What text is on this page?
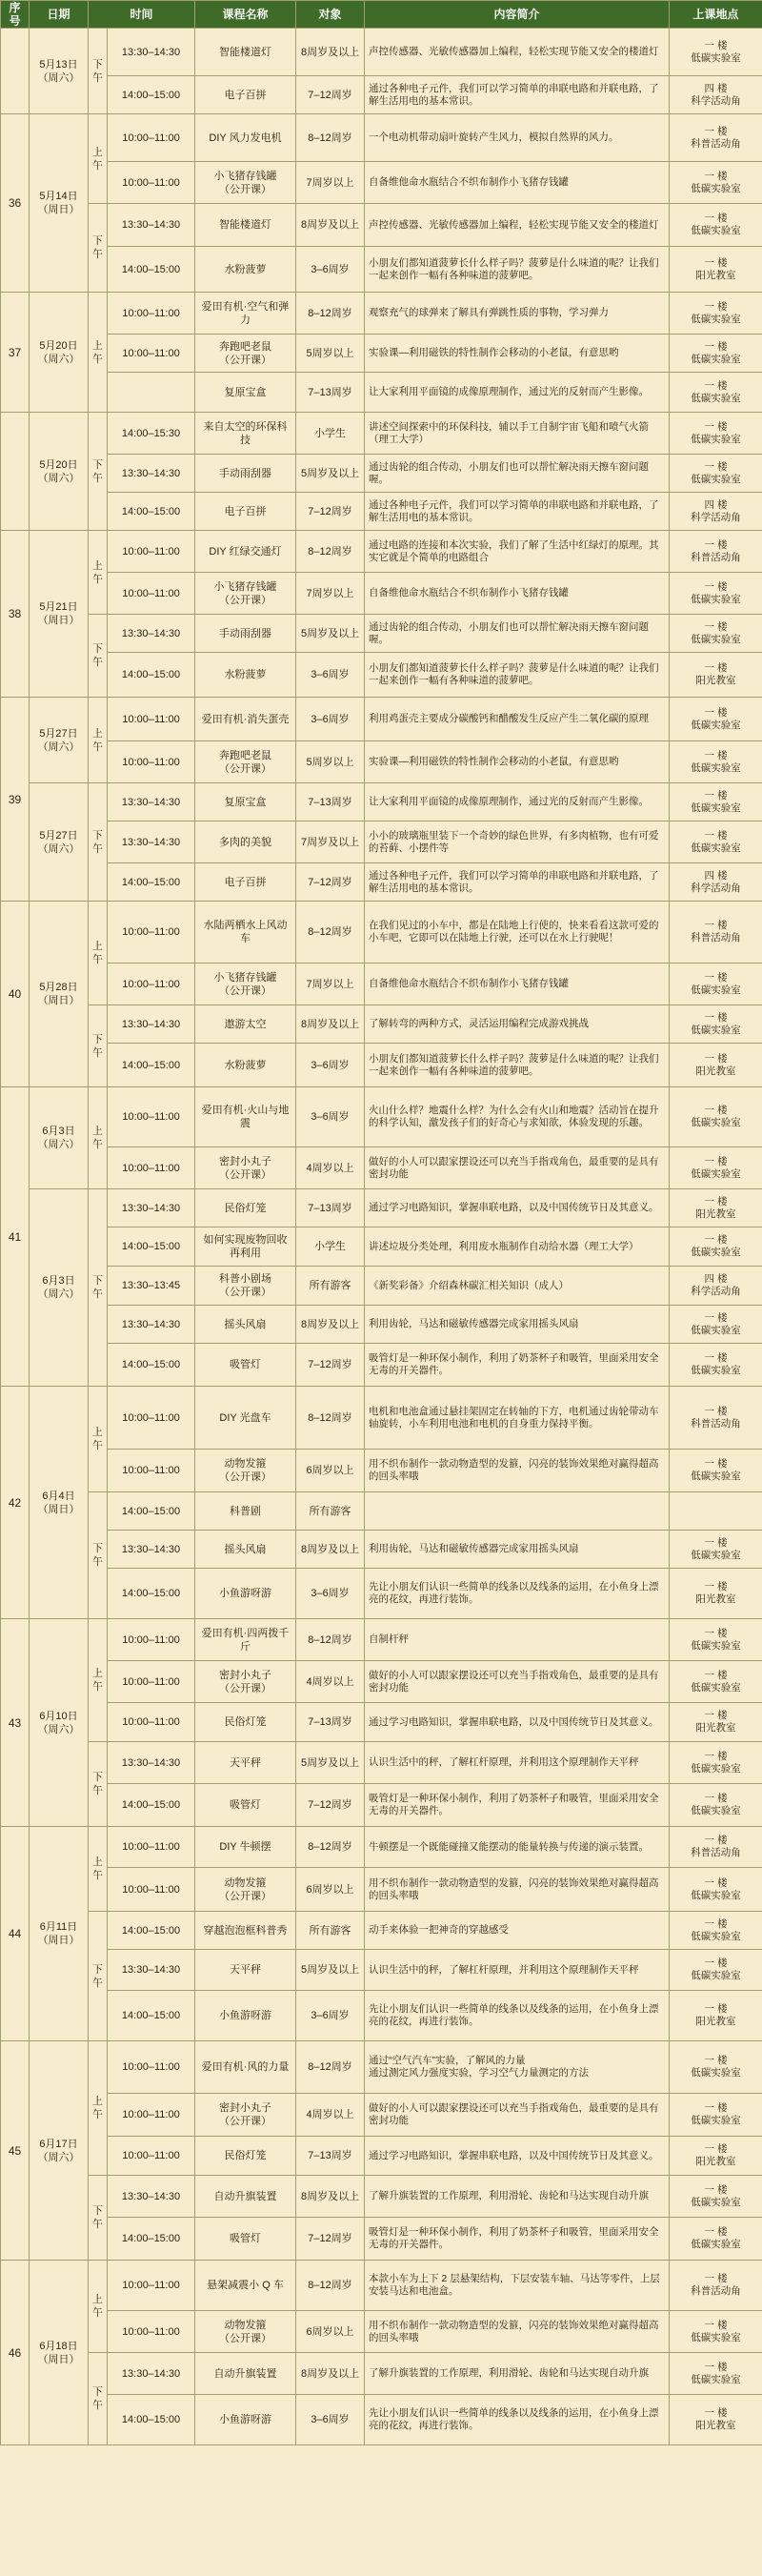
序号	日期	时间		课程名称	对象	内容简介	上课地点
	5月13日
（周六）	下午	13:30–14:30	智能楼道灯	8周岁及以上	声控传感器、光敏传感器加上编程，轻松实现节能又安全的楼道灯	一 楼
低碳实验室
			14:00–15:00	电子百拼	7–12周岁	通过各种电子元件，我们可以学习简单的串联电路和并联电路，了解生活用电的基本常识。	四 楼
科学活动角
36	5月14日
（周日）	上午	10:00–11:00	DIY 风力发电机	8–12周岁	一个电动机带动扇叶旋转产生风力，模拟自然界的风力。	一 楼
科普活动角
			10:00–11:00	小飞猪存钱罐
（公开课）	7周岁以上	自备维他命水瓶结合不织布制作小飞猪存钱罐	一 楼
低碳实验室
		下午	13:30–14:30	智能楼道灯	8周岁及以上	声控传感器、光敏传感器加上编程，轻松实现节能又安全的楼道灯	一 楼
低碳实验室
			14:00–15:00	水粉菠萝	3–6周岁	小朋友们都知道菠萝长什么样子吗？菠萝是什么味道的呢？让我们一起来创作一幅有各种味道的菠萝吧。	一 楼
阳光教室
37	5月20日
（周六）	上午	10:00–11:00	爱田有机·空气和弹力	8–12周岁	观察充气的球弹来了解具有弹跳性质的事物，学习弹力	一 楼
低碳实验室
			10:00–11:00	奔跑吧老鼠
（公开课）	5周岁以上	实验课—利用磁铁的特性制作会移动的小老鼠，有意思哟	一 楼
低碳实验室
				复原宝盒	7–13周岁	让大家利用平面镜的成像原理制作，通过光的反射而产生影像。	一 楼
低碳实验室
	5月20日
（周六）	下午	14:00–15:30	来自太空的环保科技	小学生	讲述空间探索中的环保科技，辅以手工自制宇宙飞船和喷气火箭（理工大学）	一 楼
低碳实验室
			13:30–14:30	手动雨刮器	5周岁及以上	通过齿轮的组合传动，小朋友们也可以帮忙解决雨天擦车窗问题喔。	一 楼
低碳实验室
			14:00–15:00	电子百拼	7–12周岁	通过各种电子元件，我们可以学习简单的串联电路和并联电路，了解生活用电的基本常识。	四 楼
科学活动角
38	5月21日
（周日）	上午	10:00–11:00	DIY 红绿交通灯	8–12周岁	通过电路的连接和本次实验，我们了解了生活中红绿灯的原理。其实它就是个简单的电路组合	一 楼
科普活动角
			10:00–11:00	小飞猪存钱罐
（公开课）	7周岁以上	自备维他命水瓶结合不织布制作小飞猪存钱罐	一 楼
低碳实验室
		下午	13:30–14:30	手动雨刮器	5周岁及以上	通过齿轮的组合传动，小朋友们也可以帮忙解决雨天擦车窗问题喔。	一 楼
低碳实验室
			14:00–15:00	水粉菠萝	3–6周岁	小朋友们都知道菠萝长什么样子吗？菠萝是什么味道的呢？让我们一起来创作一幅有各种味道的菠萝吧。	一 楼
阳光教室
39	5月27日
（周六）	上午	10:00–11:00	爱田有机·消失蛋壳	3–6周岁	利用鸡蛋壳主要成分碳酸钙和醋酸发生反应产生二氧化碳的原理	一 楼
低碳实验室
			10:00–11:00	奔跑吧老鼠
（公开课）	5周岁以上	实验课—利用磁铁的特性制作会移动的小老鼠，有意思哟	一 楼
低碳实验室
	5月27日
（周六）	下午	13:30–14:30	复原宝盒	7–13周岁	让大家利用平面镜的成像原理制作，通过光的反射而产生影像。	一 楼
低碳实验室
			13:30–14:30	多肉的美貌	7周岁及以上	小小的玻璃瓶里装下一个奇妙的绿色世界，有多肉植物，也有可爱的苔藓、小摆件等	一 楼
低碳实验室
			14:00–15:00	电子百拼	7–12周岁	通过各种电子元件，我们可以学习简单的串联电路和并联电路，了解生活用电的基本常识。	四 楼
科学活动角
40	5月28日
（周日）	上午	10:00–11:00	水陆两栖水上风动车	8–12周岁	在我们见过的小车中，都是在陆地上行使的，快来看看这款可爱的小车吧，它即可以在陆地上行驶，还可以在水上行驶呢！	一 楼
科普活动角
			10:00–11:00	小飞猪存钱罐
（公开课）	7周岁以上	自备维他命水瓶结合不织布制作小飞猪存钱罐	一 楼
低碳实验室
		下午	13:30–14:30	遨游太空	8周岁及以上	了解转弯的两种方式，灵活运用编程完成游戏挑战	一 楼
低碳实验室
			14:00–15:00	水粉菠萝	3–6周岁	小朋友们都知道菠萝长什么样子吗？菠萝是什么味道的呢？让我们一起来创作一幅有各种味道的菠萝吧。	一 楼
阳光教室
41	6月3日
（周六）	上午	10:00–11:00	爱田有机·火山与地震	3–6周岁	火山什么样？地震什么样？为什么会有火山和地震？活动旨在提升的科学认知，激发孩子们的好奇心与求知欲，体验发现的乐趣。	一 楼
低碳实验室
			10:00–11:00	密封小丸子
（公开课）	4周岁以上	做好的小人可以跟家摆设还可以充当手指戏角色，最重要的是具有密封功能	一 楼
低碳实验室
	6月3日
（周六）	下午	13:30–14:30	民俗灯笼	7–13周岁	通过学习电路知识，掌握串联电路，以及中国传统节日及其意义。	一 楼
阳光教室
			14:00–15:00	如何实现废物回收再利用	小学生	讲述垃圾分类处理，利用废水瓶制作自动给水器（理工大学）	一 楼
低碳实验室
			13:30–13:45	科普小剧场
（公开课）	所有游客	《新奖彩备》介绍森林碳汇相关知识（成人）	四 楼
科学活动角
			13:30–14:30	摇头风扇	8周岁及以上	利用齿轮，马达和磁敏传感器完成家用摇头风扇	一 楼
低碳实验室
			14:00–15:00	吸管灯	7–12周岁	吸管灯是一种环保小制作，利用了奶茶杯子和吸管，里面采用安全无毒的开关器件。	一 楼
低碳实验室
42	6月4日
（周日）	上午	10:00–11:00	DIY 光盘车	8–12周岁	电机和电池盒通过悬挂架固定在转轴的下方，电机通过齿轮带动车轴旋转，小车利用电池和电机的自身重力保持平衡。	一 楼
科普活动角
			10:00–11:00	动物发箍
（公开课）	6周岁以上	用不织布制作一款动物造型的发箍，闪亮的装饰效果绝对赢得超高的回头率哦	一 楼
低碳实验室
		下午	14:00–15:00	科普剧	所有游客		
			13:30–14:30	摇头风扇	8周岁及以上	利用齿轮，马达和磁敏传感器完成家用摇头风扇	一 楼
低碳实验室
			14:00–15:00	小鱼游呀游	3–6周岁	先让小朋友们认识一些简单的线条以及线条的运用，在小鱼身上漂亮的花纹，再进行装饰。	一 楼
阳光教室
43	6月10日
（周六）	上午	10:00–11:00	爱田有机·四两拨千斤	8–12周岁	自制杆秤	一 楼
低碳实验室
			10:00–11:00	密封小丸子
（公开课）	4周岁以上	做好的小人可以跟家摆设还可以充当手指戏角色，最重要的是具有密封功能	一 楼
低碳实验室
			10:00–11:00	民俗灯笼	7–13周岁	通过学习电路知识，掌握串联电路，以及中国传统节日及其意义。	一 楼
阳光教室
		下午	13:30–14:30	天平秤	5周岁及以上	认识生活中的秤，了解杠杆原理，并利用这个原理制作天平秤	一 楼
低碳实验室
			14:00–15:00	吸管灯	7–12周岁	吸管灯是一种环保小制作，利用了奶茶杯子和吸管，里面采用安全无毒的开关器件。	一 楼
低碳实验室
44	6月11日
（周日）	上午	10:00–11:00	DIY 牛顿摆	8–12周岁	牛顿摆是一个既能碰撞又能摆动的能量转换与传递的演示装置。	一 楼
科普活动角
			10:00–11:00	动物发箍
（公开课）	6周岁以上	用不织布制作一款动物造型的发箍，闪亮的装饰效果绝对赢得超高的回头率哦	一 楼
低碳实验室
		下午	14:00–15:00	穿越泡泡框科普秀	所有游客	动手来体验一把神奇的穿越感受	一 楼
低碳实验室
			13:30–14:30	天平秤	5周岁及以上	认识生活中的秤，了解杠杆原理，并利用这个原理制作天平秤	一 楼
低碳实验室
			14:00–15:00	小鱼游呀游	3–6周岁	先让小朋友们认识一些简单的线条以及线条的运用，在小鱼身上漂亮的花纹，再进行装饰。	一 楼
阳光教室
45	6月17日
（周六）	上午	10:00–11:00	爱田有机·风的力量	8–12周岁	通过“空气汽车”实验，了解风的力量
通过测定风力强度实验，学习空气力量测定的方法	一 楼
低碳实验室
			10:00–11:00	密封小丸子
（公开课）	4周岁以上	做好的小人可以跟家摆设还可以充当手指戏角色，最重要的是具有密封功能	一 楼
低碳实验室
			10:00–11:00	民俗灯笼	7–13周岁	通过学习电路知识，掌握串联电路，以及中国传统节日及其意义。	一 楼
阳光教室
		下午	13:30–14:30	自动升旗装置	8周岁及以上	了解升旗装置的工作原理，利用滑轮、齿轮和马达实现自动升旗	一 楼
低碳实验室
			14:00–15:00	吸管灯	7–12周岁	吸管灯是一种环保小制作，利用了奶茶杯子和吸管，里面采用安全无毒的开关器件。	一 楼
低碳实验室
46	6月18日
（周日）	上午	10:00–11:00	悬架减震小 Q 车	8–12周岁	本款小车为上下 2 层悬架结构，下层安装车轴、马达等零件，上层安装马达和电池盒。	一 楼
科普活动角
			10:00–11:00	动物发箍
（公开课）	6周岁以上	用不织布制作一款动物造型的发箍，闪亮的装饰效果绝对赢得超高的回头率哦	一 楼
低碳实验室
		下午	13:30–14:30	自动升旗装置	8周岁及以上	了解升旗装置的工作原理，利用滑轮、齿轮和马达实现自动升旗	一 楼
低碳实验室
			14:00–15:00	小鱼游呀游	3–6周岁	先让小朋友们认识一些简单的线条以及线条的运用，在小鱼身上漂亮的花纹，再进行装饰。	一 楼
阳光教室
